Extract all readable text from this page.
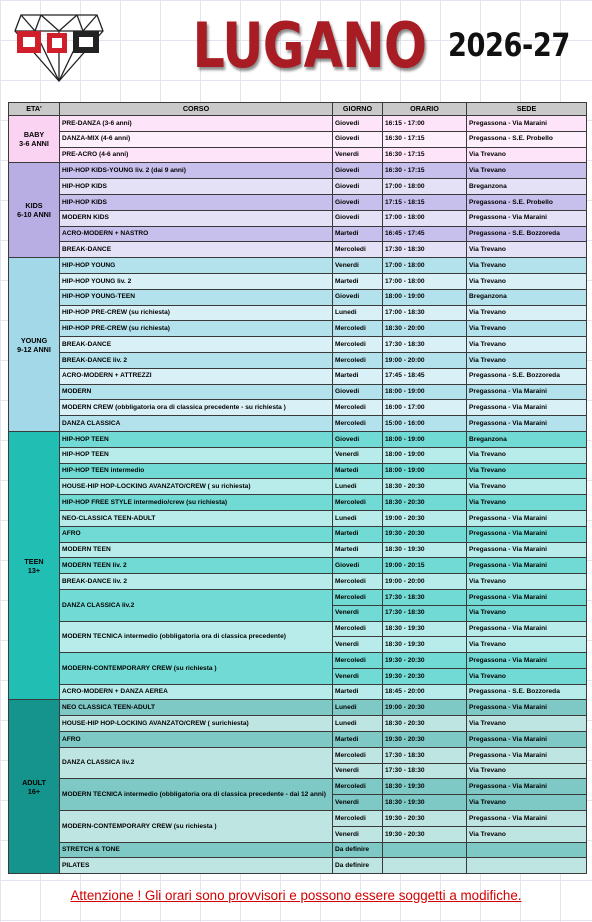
LUGANO 2026-27
ETA'	CORSO	GIORNO	ORARIO	SEDE
BABY
3-6 ANNI	PRE-DANZA (3-6 anni)	Giovedi	16:15 - 17:00	Pregassona - Via Maraini
	DANZA-MIX (4-6 anni)	Giovedi	16:30 - 17:15	Pregassona - S.E. Probello
	PRE-ACRO (4-6 anni)	Venerdi	16:30 - 17:15	Via Trevano
KIDS
6-10 ANNI	HIP-HOP KIDS-YOUNG liv. 2 (dai 9 anni)	Giovedi	16:30 - 17:15	Via Trevano
	HIP-HOP KIDS	Giovedi	17:00 - 18:00	Breganzona
	HIP-HOP KIDS	Giovedi	17:15 - 18:15	Pregassona - S.E. Probello
	MODERN KIDS	Giovedi	17:00 - 18:00	Pregassona - Via Maraini
	ACRO-MODERN + NASTRO	Martedi	16:45 - 17:45	Pregassona - S.E. Bozzoreda
	BREAK-DANCE	Mercoledi	17:30 - 18:30	Via Trevano
YOUNG
9-12 ANNI	HIP-HOP YOUNG	Venerdi	17:00 - 18:00	Via Trevano
	HIP-HOP YOUNG liv. 2	Martedi	17:00 - 18:00	Via Trevano
	HIP-HOP YOUNG-TEEN	Giovedi	18:00 - 19:00	Breganzona
	HIP-HOP PRE-CREW (su richiesta)	Lunedi	17:00 - 18:30	Via Trevano
	HIP-HOP PRE-CREW (su richiesta)	Mercoledi	18:30 - 20:00	Via Trevano
	BREAK-DANCE	Mercoledi	17:30 - 18:30	Via Trevano
	BREAK-DANCE liv. 2	Mercoledi	19:00 - 20:00	Via Trevano
	ACRO-MODERN + ATTREZZI	Martedi	17:45 - 18:45	Pregassona - S.E. Bozzoreda
	MODERN	Giovedi	18:00 - 19:00	Pregassona - Via Maraini
	MODERN CREW (obbligatoria ora di classica precedente - su richiesta )	Mercoledi	16:00 - 17:00	Pregassona - Via Maraini
	DANZA CLASSICA	Mercoledi	15:00 - 16:00	Pregassona - Via Maraini
TEEN
13+	HIP-HOP TEEN	Giovedi	18:00 - 19:00	Breganzona
	HIP-HOP TEEN	Venerdi	18:00 - 19:00	Via Trevano
	HIP-HOP TEEN intermedio	Martedi	18:00 - 19:00	Via Trevano
	HOUSE-HIP HOP-LOCKING AVANZATO/CREW ( su richiesta)	Lunedi	18:30 - 20:30	Via Trevano
	HIP-HOP FREE STYLE intermedio/crew (su richiesta)	Mercoledi	18:30 - 20:30	Via Trevano
	NEO-CLASSICA TEEN-ADULT	Lunedi	19:00 - 20:30	Pregassona - Via Maraini
	AFRO	Martedi	19:30 - 20:30	Pregassona - Via Maraini
	MODERN TEEN	Martedi	18:30 - 19:30	Pregassona - Via Maraini
	MODERN TEEN liv. 2	Giovedi	19:00 - 20:15	Pregassona - Via Maraini
	BREAK-DANCE liv. 2	Mercoledi	19:00 - 20:00	Via Trevano
	DANZA CLASSICA liv.2	Mercoledi	17:30 - 18:30	Pregassona - Via Maraini
		Venerdi	17:30 - 18:30	Via Trevano
	MODERN TECNICA intermedio (obbligatoria ora di classica precedente)	Mercoledi	18:30 - 19:30	Pregassona - Via Maraini
		Venerdi	18:30 - 19:30	Via Trevano
	MODERN-CONTEMPORARY CREW (su richiesta )	Mercoledi	19:30 - 20:30	Pregassona - Via Maraini
		Venerdi	19:30 - 20:30	Via Trevano
	ACRO-MODERN + DANZA AEREA	Martedi	18:45 - 20:00	Pregassona - S.E. Bozzoreda
ADULT
16+	NEO CLASSICA TEEN-ADULT	Lunedi	19:00 - 20:30	Pregassona - Via Maraini
	HOUSE-HIP HOP-LOCKING AVANZATO/CREW ( surichiesta)	Lunedi	18:30 - 20:30	Via Trevano
	AFRO	Martedi	19:30 - 20:30	Pregassona - Via Maraini
	DANZA CLASSICA liv.2	Mercoledi	17:30 - 18:30	Pregassona - Via Maraini
		Venerdi	17:30 - 18:30	Via Trevano
	MODERN TECNICA intermedio (obbligatoria ora di classica precedente - dai 12 anni)	Mercoledi	18:30 - 19:30	Pregassona - Via Maraini
		Venerdi	18:30 - 19:30	Via Trevano
	MODERN-CONTEMPORARY CREW (su richiesta )	Mercoledi	19:30 - 20:30	Pregassona - Via Maraini
		Venerdi	19:30 - 20:30	Via Trevano
	STRETCH & TONE	Da definire		
	PILATES	Da definire		
Attenzione ! Gli orari sono provvisori e possono essere soggetti a modifiche.
